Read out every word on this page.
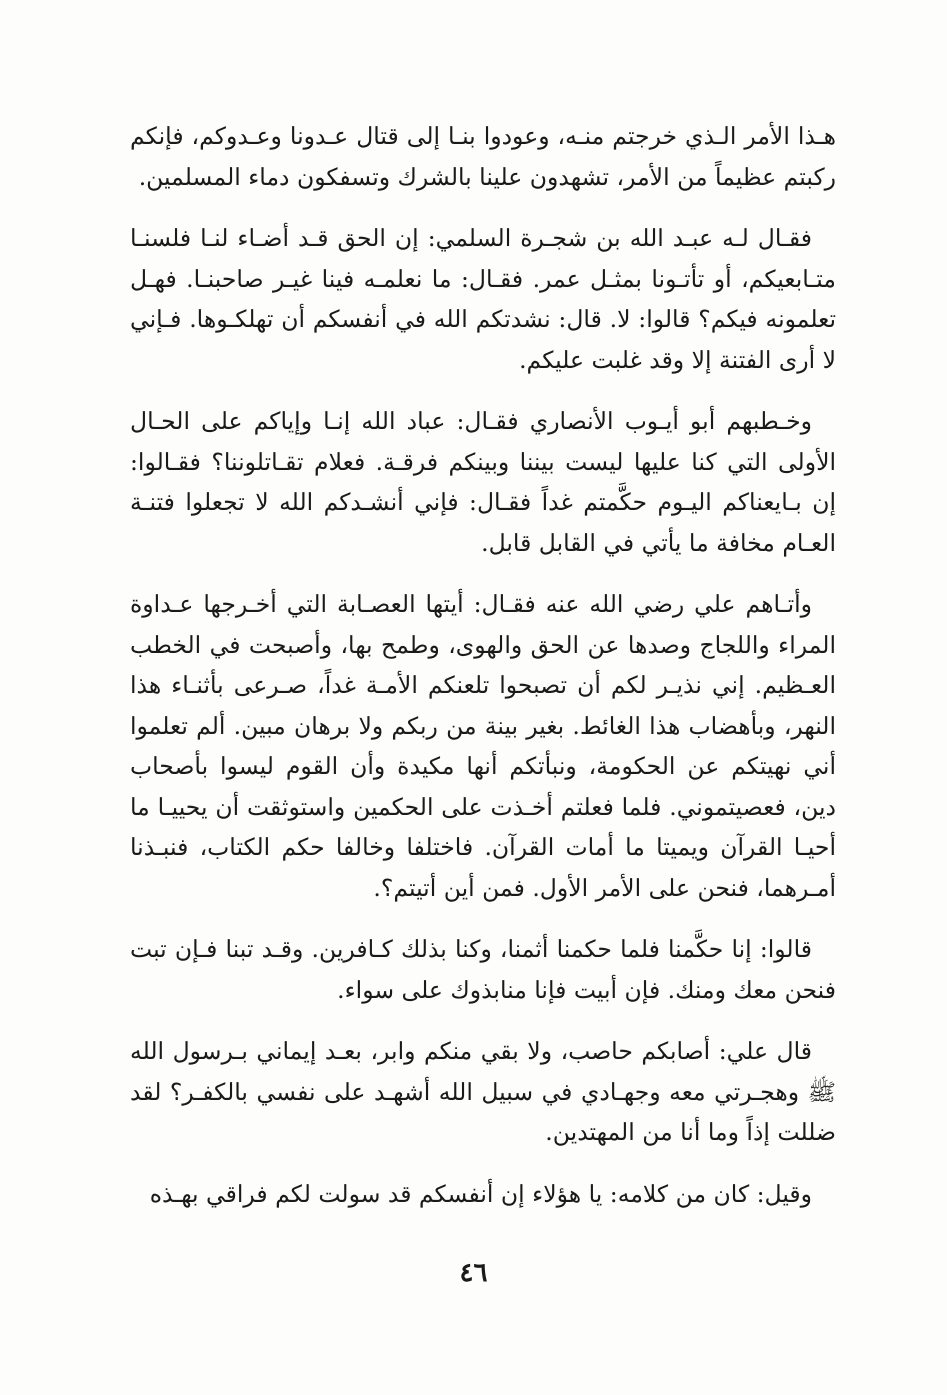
هـذا الأمر الـذي خرجتم منـه، وعودوا بنـا إلى قتال عـدونا وعـدوكم، فإنكم ركبتم عظيماً من الأمر، تشهدون علينا بالشرك وتسفكون دماء المسلمين.

فقـال لـه عبـد الله بن شجـرة السلمي: إن الحق قـد أضـاء لنـا فلسنـا متـابعيكم، أو تأتـونا بمثـل عمر. فقـال: ما نعلمـه فينا غيـر صاحبنـا. فهـل تعلمونه فيكم؟ قالوا: لا. قال: نشدتكم الله في أنفسكم أن تهلكـوها. فـإني لا أرى الفتنة إلا وقد غلبت عليكم.

وخـطبهم أبو أيـوب الأنصاري فقـال: عباد الله إنـا وإياكم على الحـال الأولى التي كنا عليها ليست بيننا وبينكم فرقـة. فعلام تقـاتلوننا؟ فقـالوا: إن بـايعناكم اليـوم حكَّمتم غداً فقـال: فإني أنشـدكم الله لا تجعلوا فتنـة العـام مخافة ما يأتي في القابل قابل.

وأتـاهم علي رضي الله عنه فقـال: أيتها العصـابة التي أخـرجها عـداوة المراء واللجاج وصدها عن الحق والهوى، وطمح بها، وأصبحت في الخطب العـظيم. إني نذيـر لكم أن تصبحوا تلعنكم الأمـة غداً، صـرعى بأثنـاء هذا النهر، وبأهضاب هذا الغائط. بغير بينة من ربكم ولا برهان مبين. ألم تعلموا أني نهيتكم عن الحكومة، ونبأتكم أنها مكيدة وأن القوم ليسوا بأصحاب دين، فعصيتموني. فلما فعلتم أخـذت على الحكمين واستوثقت أن يحييـا ما أحيـا القرآن ويميتا ما أمات القرآن. فاختلفا وخالفا حكم الكتاب، فنبـذنا أمـرهما، فنحن على الأمر الأول. فمن أين أتيتم؟.

قالوا: إنا حكَّمنا فلما حكمنا أثمنا، وكنا بذلك كـافرين. وقـد تبنا فـإن تبت فنحن معك ومنك. فإن أبيت فإنا منابذوك على سواء.

قال علي: أصابكم حاصب، ولا بقي منكم وابر، بعـد إيماني بـرسول الله ﷺ وهجـرتي معه وجهـادي في سبيل الله أشهـد على نفسي بالكفـر؟ لقد ضللت إذاً وما أنا من المهتدين.

وقيل: كان من كلامه: يا هؤلاء إن أنفسكم قد سولت لكم فراقي بهـذه

٤٦
